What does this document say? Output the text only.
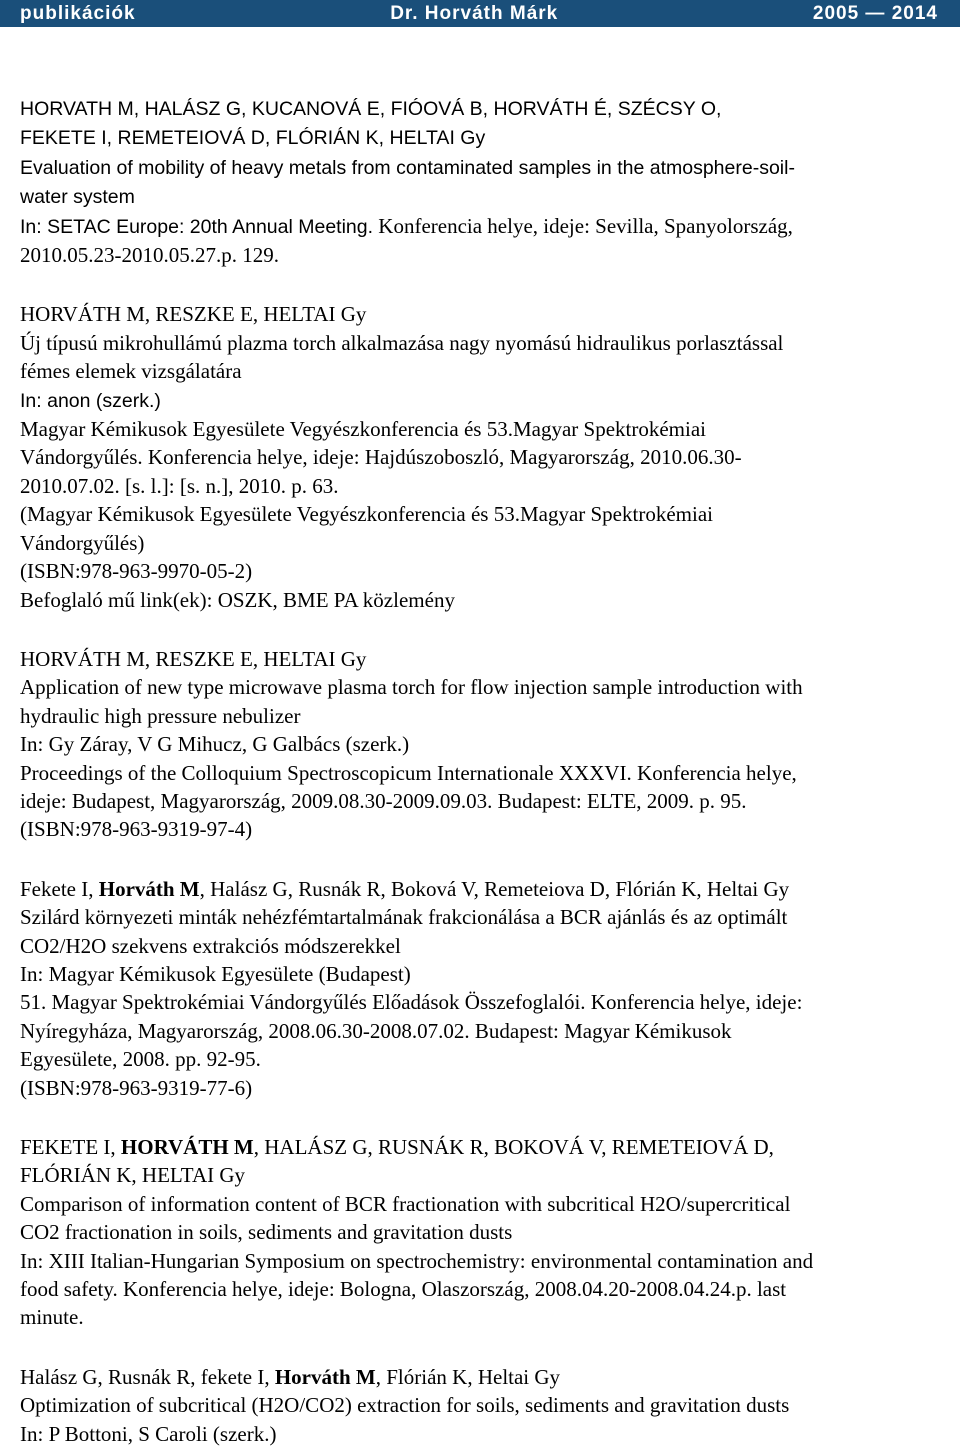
publikációk	Dr. Horváth Márk	2005 — 2014
HORVATH M, HALÁSZ G, KUCANOVÁ E, FIÓOVÁ B, HORVÁTH É, SZÉCSY O,
FEKETE I, REMETEIOVÁ D, FLÓRIÁN K, HELTAI Gy
Evaluation of mobility of heavy metals from contaminated samples in the atmosphere-soil-
water system
In: SETAC Europe: 20th Annual Meeting. Konferencia helye, ideje: Sevilla, Spanyolország,
2010.05.23-2010.05.27.p. 129.
HORVÁTH M, RESZKE E, HELTAI Gy
Új típusú mikrohullámú plazma torch alkalmazása nagy nyomású hidraulikus porlasztással
fémes elemek vizsgálatára
In: anon (szerk.)
Magyar Kémikusok Egyesülete Vegyészkonferencia és 53.Magyar Spektrokémiai
Vándorgyűlés. Konferencia helye, ideje: Hajdúszoboszló, Magyarország, 2010.06.30-
2010.07.02. [s. l.]: [s. n.], 2010. p. 63.
(Magyar Kémikusok Egyesülete Vegyészkonferencia és 53.Magyar Spektrokémiai
Vándorgyűlés)
(ISBN:978-963-9970-05-2)
Befoglaló mű link(ek): OSZK, BME PA közlemény
HORVÁTH M, RESZKE E, HELTAI Gy
Application of new type microwave plasma torch for flow injection sample introduction with
hydraulic high pressure nebulizer
In: Gy Záray, V G Mihucz, G Galbács (szerk.)
Proceedings of the Colloquium Spectroscopicum Internationale XXXVI. Konferencia helye,
ideje: Budapest, Magyarország, 2009.08.30-2009.09.03. Budapest: ELTE, 2009. p. 95.
(ISBN:978-963-9319-97-4)
Fekete I, Horváth M, Halász G, Rusnák R, Boková V, Remeteiova D, Flórián K, Heltai Gy
Szilárd környezeti minták nehézfémtartalmának frakcionálása a BCR ajánlás és az optimált
CO2/H2O szekvens extrakciós módszerekkel
In: Magyar Kémikusok Egyesülete (Budapest)
51. Magyar Spektrokémiai Vándorgyűlés Előadások Összefoglalói. Konferencia helye, ideje:
Nyíregyháza, Magyarország, 2008.06.30-2008.07.02. Budapest: Magyar Kémikusok
Egyesülete, 2008. pp. 92-95.
(ISBN:978-963-9319-77-6)
FEKETE I, HORVÁTH M, HALÁSZ G, RUSNÁK R, BOKOVÁ V, REMETEIOVÁ D,
FLÓRIÁN K, HELTAI Gy
Comparison of information content of BCR fractionation with subcritical H2O/supercritical
CO2 fractionation in soils, sediments and gravitation dusts
In: XIII Italian-Hungarian Symposium on spectrochemistry: environmental contamination and
food safety. Konferencia helye, ideje: Bologna, Olaszország, 2008.04.20-2008.04.24.p. last
minute.
Halász G, Rusnák R, fekete I, Horváth M, Flórián K, Heltai Gy
Optimization of subcritical (H2O/CO2) extraction for soils, sediments and gravitation dusts
In: P Bottoni, S Caroli (szerk.)
